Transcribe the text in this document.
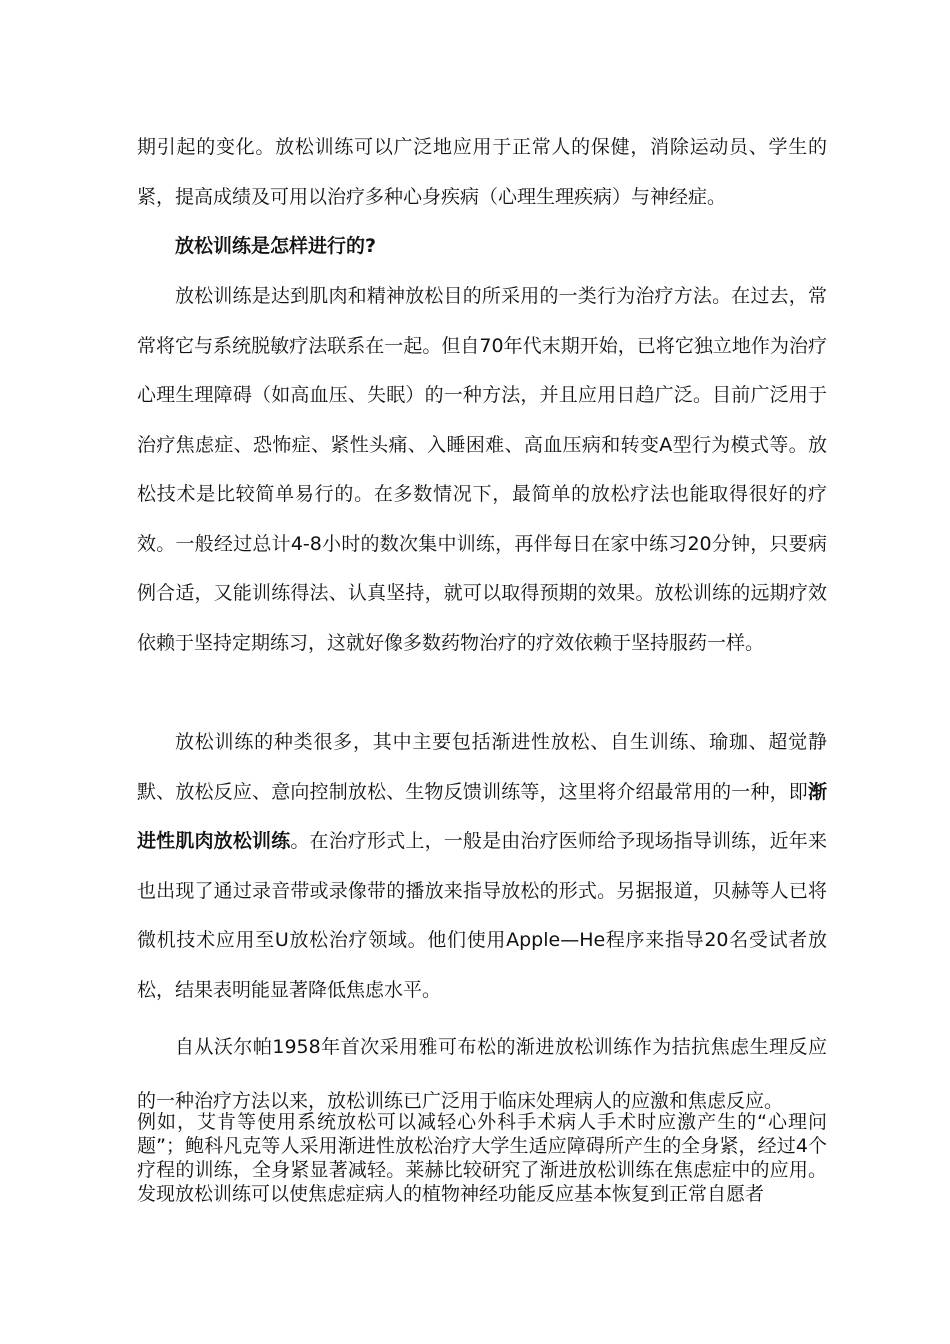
期引起的变化。放松训练可以广泛地应用于正常人的保健，消除运动员、学生的紧，提高成绩及可用以治疗多种心身疾病（心理生理疾病）与神经症。

放松训练是怎样进行的?

放松训练是达到肌肉和精神放松目的所采用的一类行为治疗方法。在过去，常常将它与系统脱敏疗法联系在一起。但自70年代末期开始，已将它独立地作为治疗心理生理障碍（如高血压、失眠）的一种方法，并且应用日趋广泛。目前广泛用于治疗焦虑症、恐怖症、紧性头痛、入睡困难、高血压病和转变A型行为模式等。放松技术是比较简单易行的。在多数情况下，最简单的放松疗法也能取得很好的疗效。一般经过总计4-8小时的数次集中训练，再伴每日在家中练习20分钟，只要病例合适，又能训练得法、认真坚持，就可以取得预期的效果。放松训练的远期疗效依赖于坚持定期练习，这就好像多数药物治疗的疗效依赖于坚持服药一样。

放松训练的种类很多，其中主要包括渐进性放松、自生训练、瑜珈、超觉静默、放松反应、意向控制放松、生物反馈训练等，这里将介绍最常用的一种，即渐进性肌肉放松训练。在治疗形式上，一般是由治疗医师给予现场指导训练，近年来也出现了通过录音带或录像带的播放来指导放松的形式。另据报道，贝赫等人已将微机技术应用至U放松治疗领域。他们使用Apple—He程序来指导20名受试者放松，结果表明能显著降低焦虑水平。

自从沃尔帕1958年首次采用雅可布松的渐进放松训练作为拮抗焦虑生理反应的一种治疗方法以来，放松训练已广泛用于临床处理病人的应激和焦虑反应。

例如，艾肯等使用系统放松可以减轻心外科手术病人手术时应激产生的“心理问题”；鲍科凡克等人采用渐进性放松治疗大学生适应障碍所产生的全身紧，经过4个疗程的训练，全身紧显著减轻。莱赫比较研究了渐进放松训练在焦虑症中的应用。发现放松训练可以使焦虑症病人的植物神经功能反应基本恢复到正常自愿者
